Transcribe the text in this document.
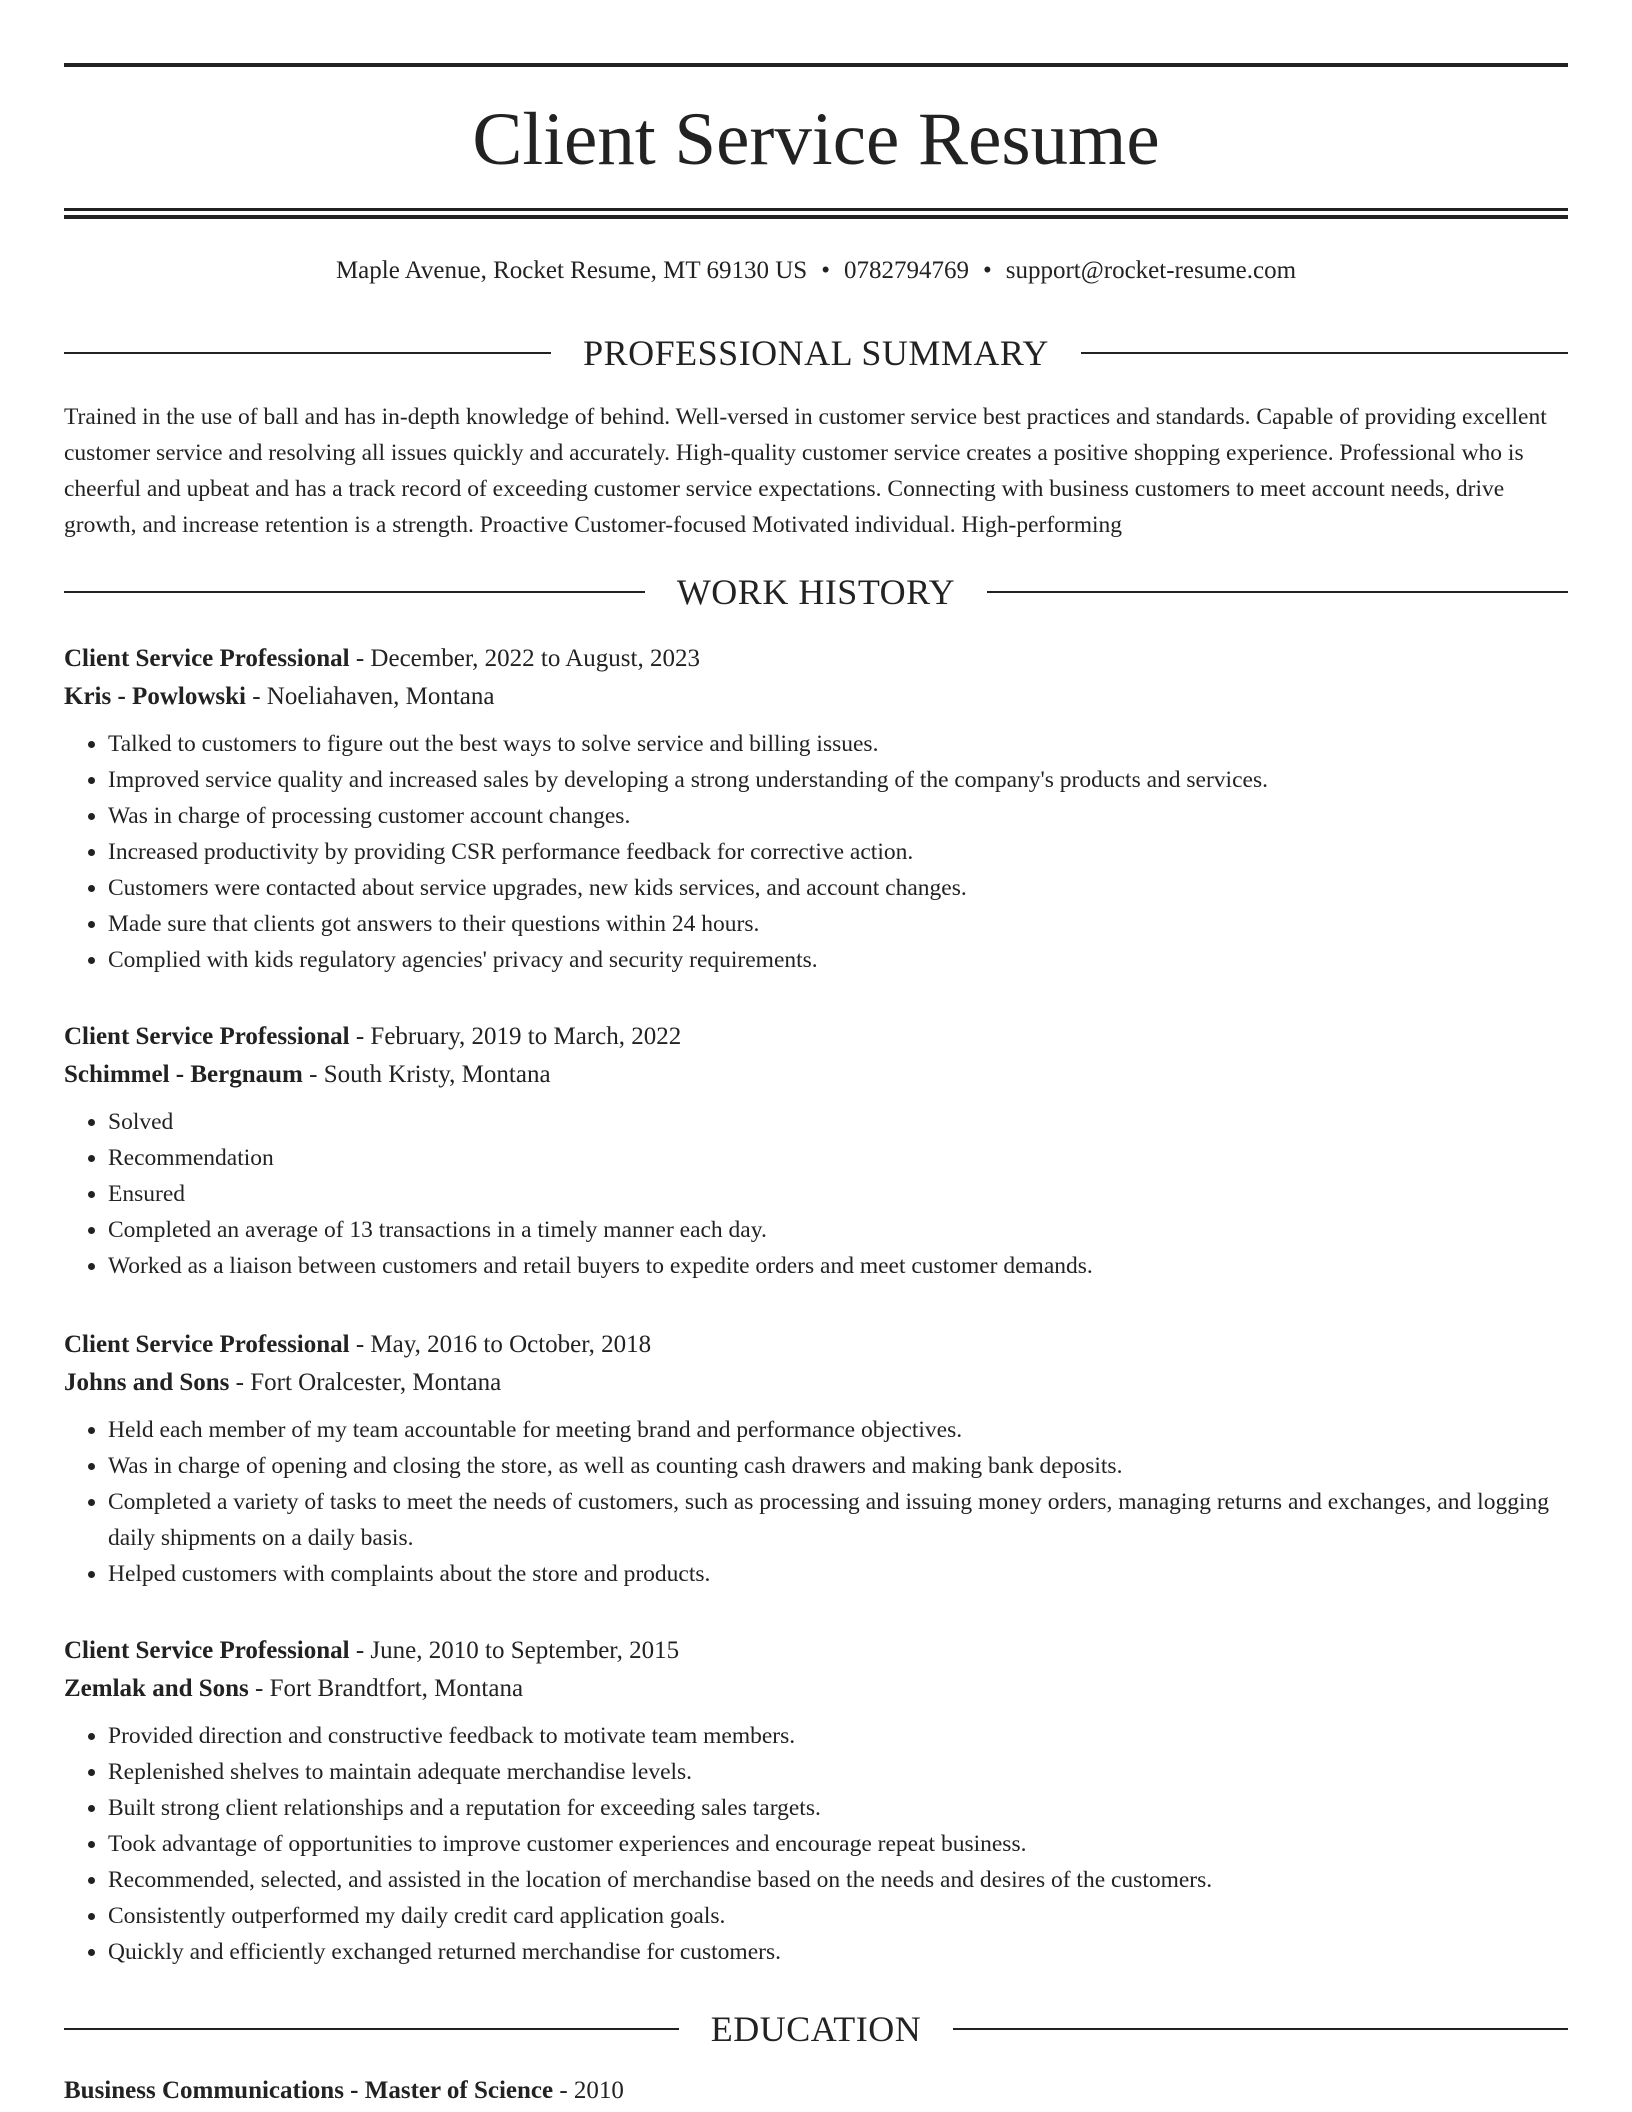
Client Service Resume
Maple Avenue, Rocket Resume, MT 69130 US • 0782794769 • support@rocket-resume.com
PROFESSIONAL SUMMARY

Trained in the use of ball and has in-depth knowledge of behind. Well-versed in customer service best practices and standards. Capable of providing excellent customer service and resolving all issues quickly and accurately. High-quality customer service creates a positive shopping experience. Professional who is cheerful and upbeat and has a track record of exceeding customer service expectations. Connecting with business customers to meet account needs, drive growth, and increase retention is a strength. Proactive Customer-focused Motivated individual. High-performing

WORK HISTORY
Client Service Professional - December, 2022 to August, 2023
Kris - Powlowski - Noeliahaven, Montana
• Talked to customers to figure out the best ways to solve service and billing issues.
• Improved service quality and increased sales by developing a strong understanding of the company's products and services.
• Was in charge of processing customer account changes.
• Increased productivity by providing CSR performance feedback for corrective action.
• Customers were contacted about service upgrades, new kids services, and account changes.
• Made sure that clients got answers to their questions within 24 hours.
• Complied with kids regulatory agencies' privacy and security requirements.
Client Service Professional - February, 2019 to March, 2022
Schimmel - Bergnaum - South Kristy, Montana
• Solved
• Recommendation
• Ensured
• Completed an average of 13 transactions in a timely manner each day.
• Worked as a liaison between customers and retail buyers to expedite orders and meet customer demands.
Client Service Professional - May, 2016 to October, 2018
Johns and Sons - Fort Oralcester, Montana
• Held each member of my team accountable for meeting brand and performance objectives.
• Was in charge of opening and closing the store, as well as counting cash drawers and making bank deposits.
• Completed a variety of tasks to meet the needs of customers, such as processing and issuing money orders, managing returns and exchanges, and logging daily shipments on a daily basis.
• Helped customers with complaints about the store and products.
Client Service Professional - June, 2010 to September, 2015
Zemlak and Sons - Fort Brandtfort, Montana
• Provided direction and constructive feedback to motivate team members.
• Replenished shelves to maintain adequate merchandise levels.
• Built strong client relationships and a reputation for exceeding sales targets.
• Took advantage of opportunities to improve customer experiences and encourage repeat business.
• Recommended, selected, and assisted in the location of merchandise based on the needs and desires of the customers.
• Consistently outperformed my daily credit card application goals.
• Quickly and efficiently exchanged returned merchandise for customers.
EDUCATION
Business Communications - Master of Science - 2010
